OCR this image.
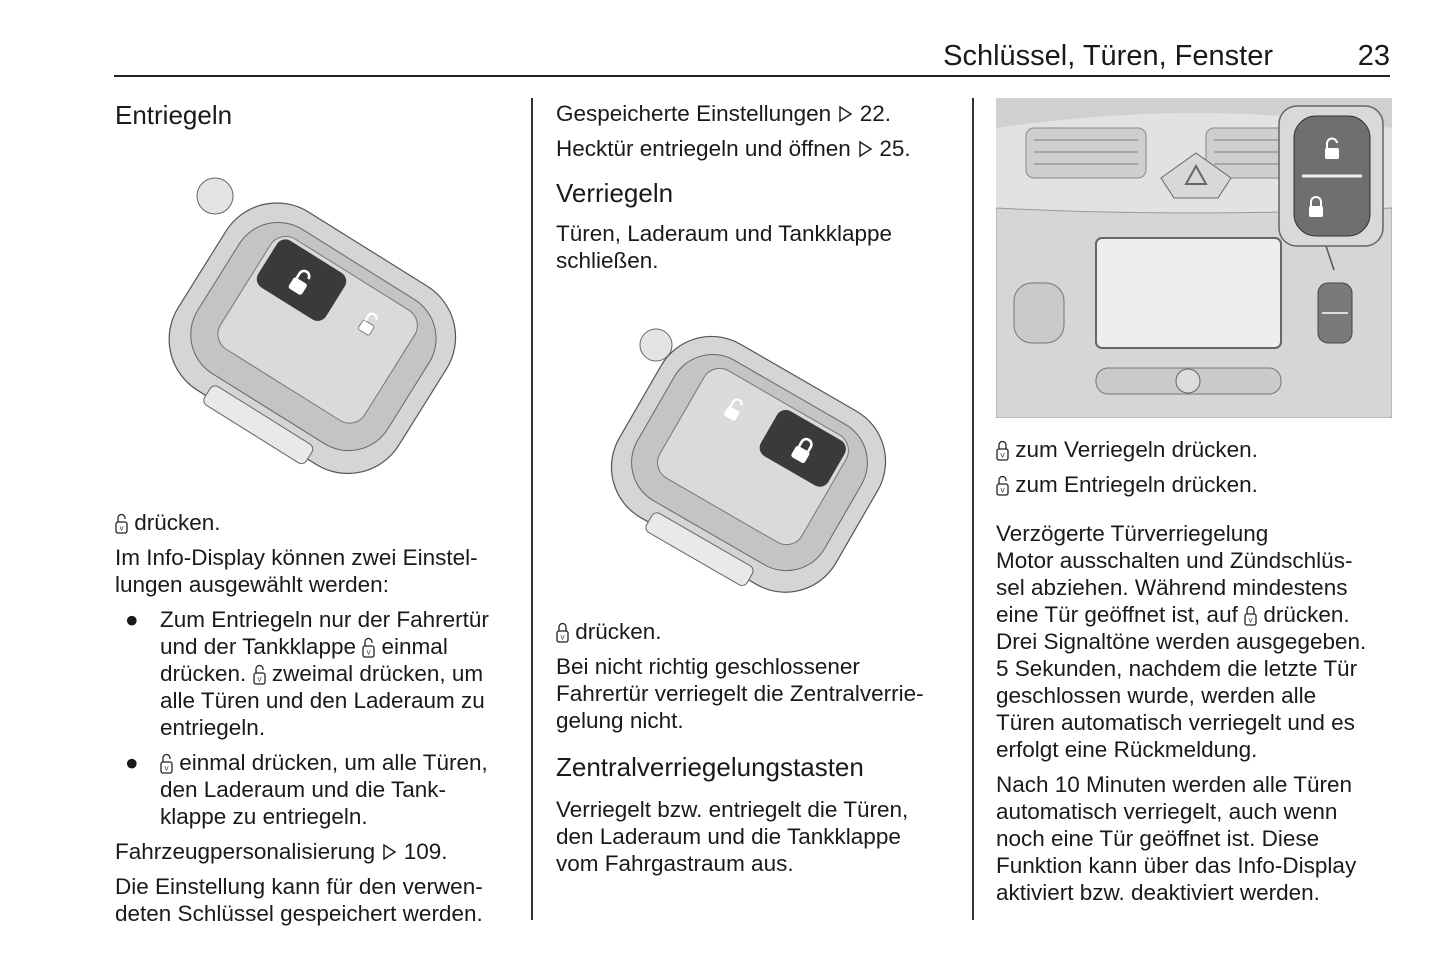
Schlüssel, Türen, Fenster	23
Entriegeln

drücken.

Im Info-Display können zwei Einstel-
lungen ausgewählt werden:

● Zum Entriegeln nur der Fahrertür
und der Tankklappe einmal
drücken. zweimal drücken, um
alle Türen und den Laderaum zu
entriegeln.
● einmal drücken, um alle Türen,
den Laderaum und die Tank-
klappe zu entriegeln.

Fahrzeugpersonalisierung 109.

Die Einstellung kann für den verwen-
deten Schlüssel gespeichert werden.

Gespeicherte Einstellungen 22.

Hecktür entriegeln und öffnen 25.

Verriegeln

Türen, Laderaum und Tankklappe
schließen.

drücken.

Bei nicht richtig geschlossener
Fahrertür verriegelt die Zentralverrie-
gelung nicht.

Zentralverriegelungstasten

Verriegelt bzw. entriegelt die Türen,
den Laderaum und die Tankklappe
vom Fahrgastraum aus.

zum Verriegeln drücken.

zum Entriegeln drücken.

Verzögerte Türverriegelung

Motor ausschalten und Zündschlüs-
sel abziehen. Während mindestens
eine Tür geöffnet ist, auf drücken.
Drei Signaltöne werden ausgegeben.
5 Sekunden, nachdem die letzte Tür
geschlossen wurde, werden alle
Türen automatisch verriegelt und es
erfolgt eine Rückmeldung.

Nach 10 Minuten werden alle Türen
automatisch verriegelt, auch wenn
noch eine Tür geöffnet ist. Diese
Funktion kann über das Info-Display
aktiviert bzw. deaktiviert werden.
